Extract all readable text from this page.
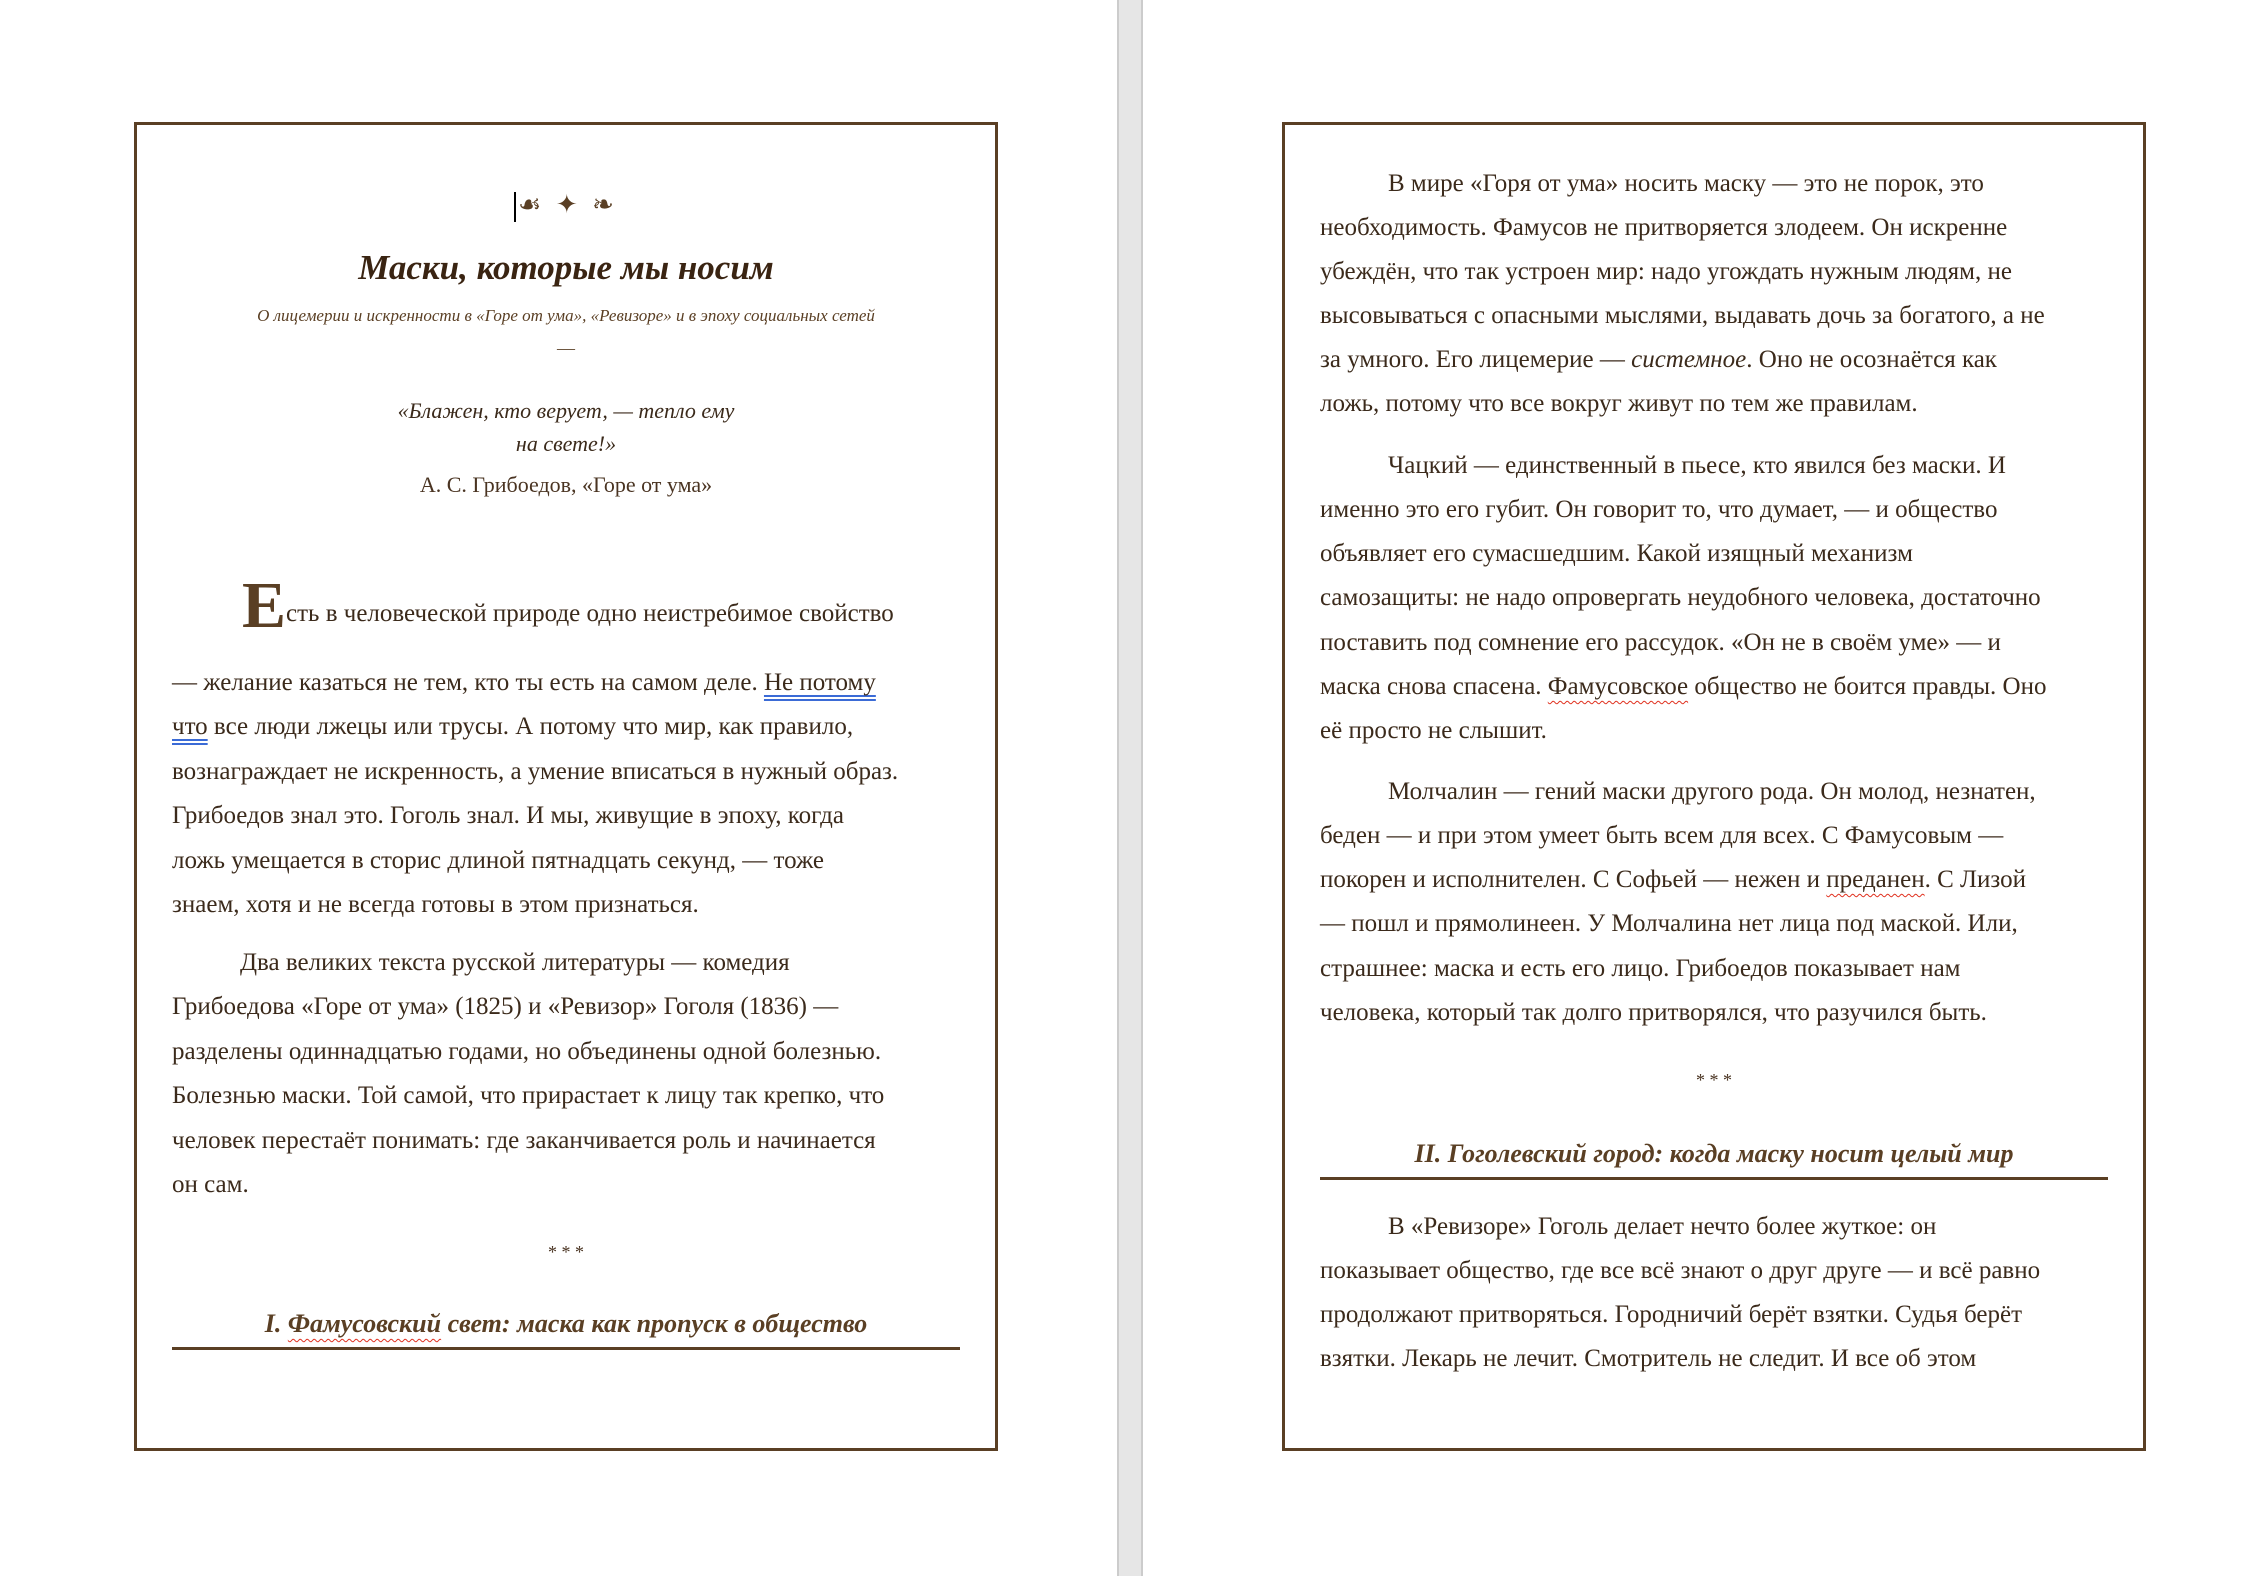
☙ ✦ ❧
Маски, которые мы носим
О лицемерии и искренности в «Горе от ума», «Ревизоре» и в эпоху социальных сетей
—
«Блажен, кто верует, — тепло ему
на свете!»
А. С. Грибоедов, «Горе от ума»
Есть в человеческой природе одно неистребимое свойство
— желание казаться не тем, кто ты есть на самом деле. Не потому
что все люди лжецы или трусы. А потому что мир, как правило,
вознаграждает не искренность, а умение вписаться в нужный образ.
Грибоедов знал это. Гоголь знал. И мы, живущие в эпоху, когда
ложь умещается в сторис длиной пятнадцать секунд, — тоже
знаем, хотя и не всегда готовы в этом признаться.
Два великих текста русской литературы — комедия
Грибоедова «Горе от ума» (1825) и «Ревизор» Гоголя (1836) —
разделены одиннадцатью годами, но объединены одной болезнью.
Болезнью маски. Той самой, что прирастает к лицу так крепко, что
человек перестаёт понимать: где заканчивается роль и начинается
он сам.
* * *
I. Фамусовский свет: маска как пропуск в общество
В мире «Горя от ума» носить маску — это не порок, это
необходимость. Фамусов не притворяется злодеем. Он искренне
убеждён, что так устроен мир: надо угождать нужным людям, не
высовываться с опасными мыслями, выдавать дочь за богатого, а не
за умного. Его лицемерие — системное. Оно не осознаётся как
ложь, потому что все вокруг живут по тем же правилам.
Чацкий — единственный в пьесе, кто явился без маски. И
именно это его губит. Он говорит то, что думает, — и общество
объявляет его сумасшедшим. Какой изящный механизм
самозащиты: не надо опровергать неудобного человека, достаточно
поставить под сомнение его рассудок. «Он не в своём уме» — и
маска снова спасена. Фамусовское общество не боится правды. Оно
её просто не слышит.
Молчалин — гений маски другого рода. Он молод, незнатен,
беден — и при этом умеет быть всем для всех. С Фамусовым —
покорен и исполнителен. С Софьей — нежен и преданен. С Лизой
— пошл и прямолинеен. У Молчалина нет лица под маской. Или,
страшнее: маска и есть его лицо. Грибоедов показывает нам
человека, который так долго притворялся, что разучился быть.
* * *
II. Гоголевский город: когда маску носит целый мир
В «Ревизоре» Гоголь делает нечто более жуткое: он
показывает общество, где все всё знают о друг друге — и всё равно
продолжают притворяться. Городничий берёт взятки. Судья берёт
взятки. Лекарь не лечит. Смотритель не следит. И все об этом
